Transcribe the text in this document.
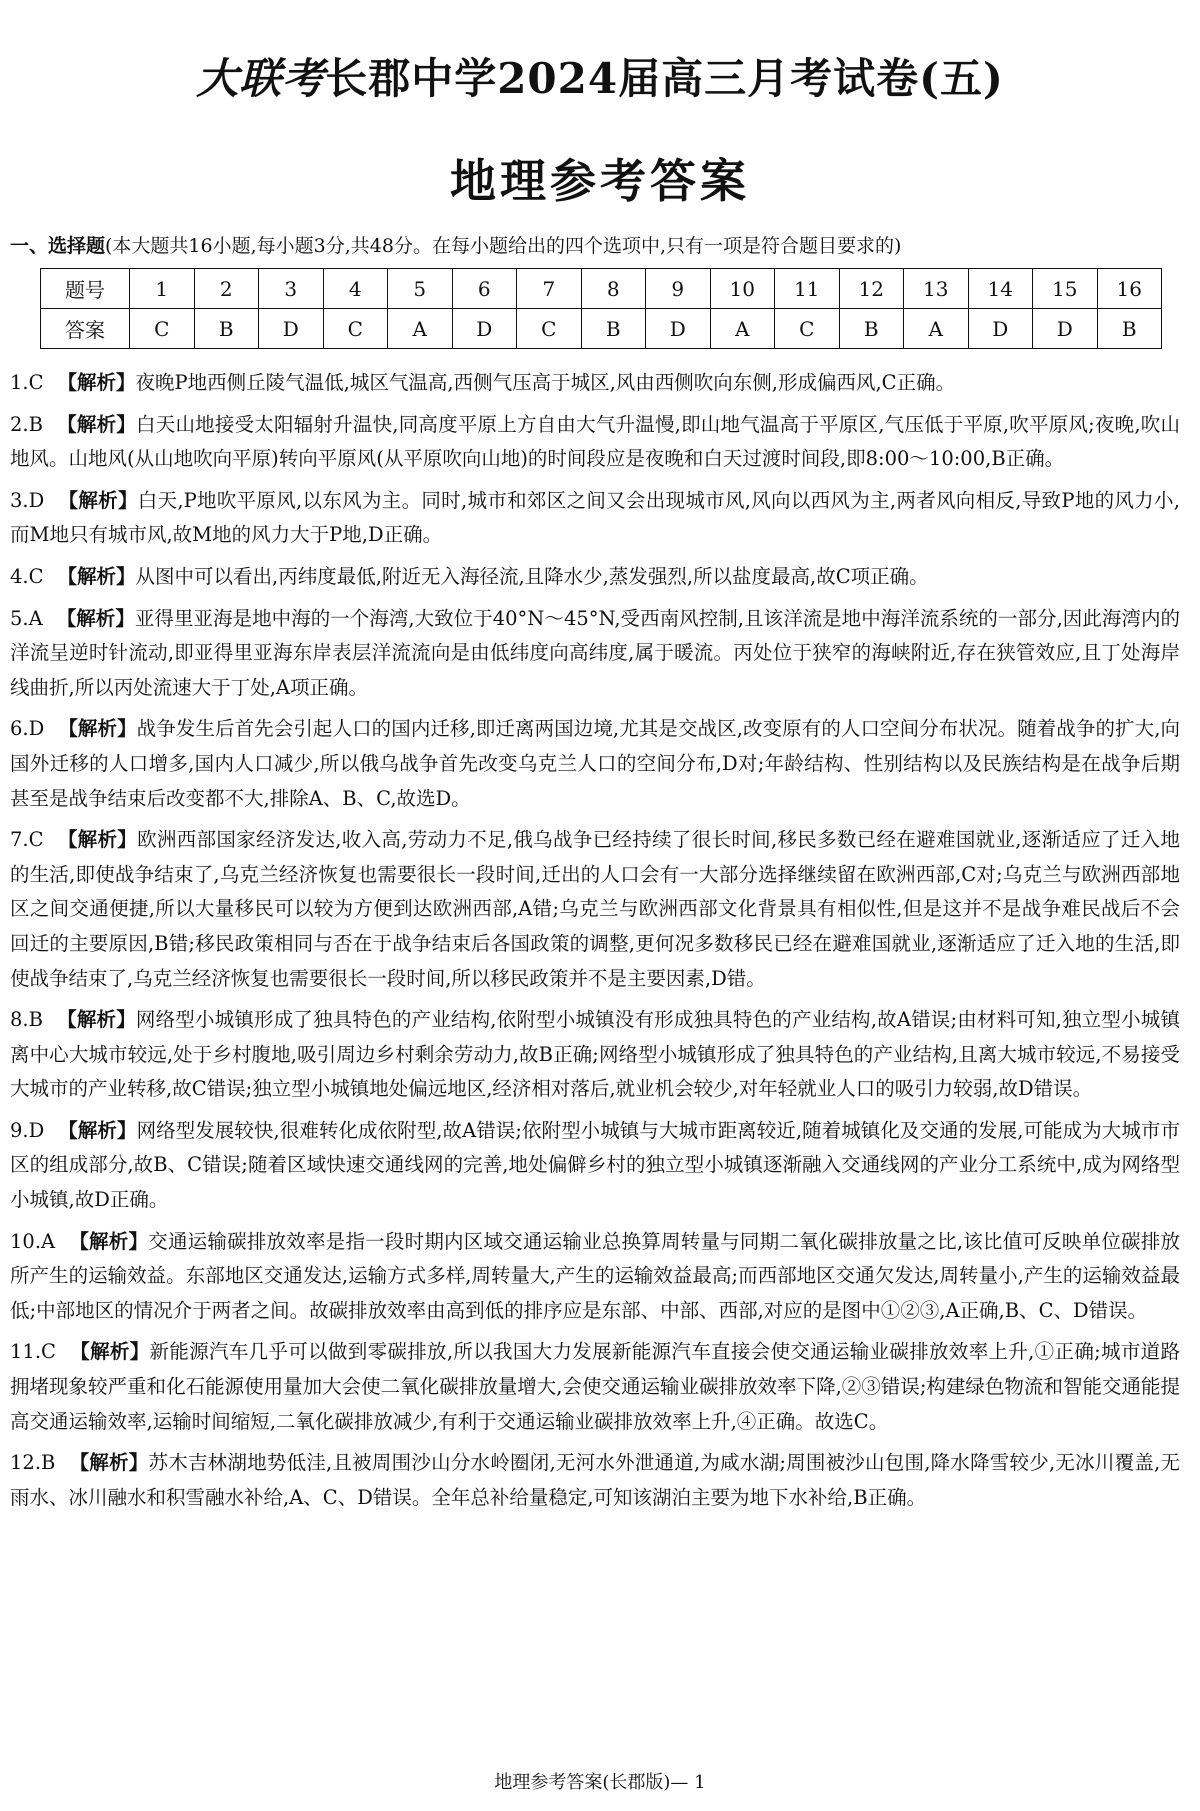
大联考长郡中学2024届高三月考试卷(五)
地理参考答案
一、选择题(本大题共16小题,每小题3分,共48分。在每小题给出的四个选项中,只有一项是符合题目要求的)
题号	1	2	3	4	5	6	7	8	9	10	11	12	13	14	15	16
答案	C	B	D	C	A	D	C	B	D	A	C	B	A	D	D	B
1.C 【解析】夜晚P地西侧丘陵气温低,城区气温高,西侧气压高于城区,风由西侧吹向东侧,形成偏西风,C正确。
2.B 【解析】白天山地接受太阳辐射升温快,同高度平原上方自由大气升温慢,即山地气温高于平原区,气压低于平原,吹平原风;夜晚,吹山地风。山地风(从山地吹向平原)转向平原风(从平原吹向山地)的时间段应是夜晚和白天过渡时间段,即8:00～10:00,B正确。
3.D 【解析】白天,P地吹平原风,以东风为主。同时,城市和郊区之间又会出现城市风,风向以西风为主,两者风向相反,导致P地的风力小,而M地只有城市风,故M地的风力大于P地,D正确。
4.C 【解析】从图中可以看出,丙纬度最低,附近无入海径流,且降水少,蒸发强烈,所以盐度最高,故C项正确。
5.A 【解析】亚得里亚海是地中海的一个海湾,大致位于40°N～45°N,受西南风控制,且该洋流是地中海洋流系统的一部分,因此海湾内的洋流呈逆时针流动,即亚得里亚海东岸表层洋流流向是由低纬度向高纬度,属于暖流。丙处位于狭窄的海峡附近,存在狭管效应,且丁处海岸线曲折,所以丙处流速大于丁处,A项正确。
6.D 【解析】战争发生后首先会引起人口的国内迁移,即迁离两国边境,尤其是交战区,改变原有的人口空间分布状况。随着战争的扩大,向国外迁移的人口增多,国内人口减少,所以俄乌战争首先改变乌克兰人口的空间分布,D对;年龄结构、性别结构以及民族结构是在战争后期甚至是战争结束后改变都不大,排除A、B、C,故选D。
7.C 【解析】欧洲西部国家经济发达,收入高,劳动力不足,俄乌战争已经持续了很长时间,移民多数已经在避难国就业,逐渐适应了迁入地的生活,即使战争结束了,乌克兰经济恢复也需要很长一段时间,迁出的人口会有一大部分选择继续留在欧洲西部,C对;乌克兰与欧洲西部地区之间交通便捷,所以大量移民可以较为方便到达欧洲西部,A错;乌克兰与欧洲西部文化背景具有相似性,但是这并不是战争难民战后不会回迁的主要原因,B错;移民政策相同与否在于战争结束后各国政策的调整,更何况多数移民已经在避难国就业,逐渐适应了迁入地的生活,即使战争结束了,乌克兰经济恢复也需要很长一段时间,所以移民政策并不是主要因素,D错。
8.B 【解析】网络型小城镇形成了独具特色的产业结构,依附型小城镇没有形成独具特色的产业结构,故A错误;由材料可知,独立型小城镇离中心大城市较远,处于乡村腹地,吸引周边乡村剩余劳动力,故B正确;网络型小城镇形成了独具特色的产业结构,且离大城市较远,不易接受大城市的产业转移,故C错误;独立型小城镇地处偏远地区,经济相对落后,就业机会较少,对年轻就业人口的吸引力较弱,故D错误。
9.D 【解析】网络型发展较快,很难转化成依附型,故A错误;依附型小城镇与大城市距离较近,随着城镇化及交通的发展,可能成为大城市市区的组成部分,故B、C错误;随着区域快速交通线网的完善,地处偏僻乡村的独立型小城镇逐渐融入交通线网的产业分工系统中,成为网络型小城镇,故D正确。
10.A 【解析】交通运输碳排放效率是指一段时期内区域交通运输业总换算周转量与同期二氧化碳排放量之比,该比值可反映单位碳排放所产生的运输效益。东部地区交通发达,运输方式多样,周转量大,产生的运输效益最高;而西部地区交通欠发达,周转量小,产生的运输效益最低;中部地区的情况介于两者之间。故碳排放效率由高到低的排序应是东部、中部、西部,对应的是图中①②③,A正确,B、C、D错误。
11.C 【解析】新能源汽车几乎可以做到零碳排放,所以我国大力发展新能源汽车直接会使交通运输业碳排放效率上升,①正确;城市道路拥堵现象较严重和化石能源使用量加大会使二氧化碳排放量增大,会使交通运输业碳排放效率下降,②③错误;构建绿色物流和智能交通能提高交通运输效率,运输时间缩短,二氧化碳排放减少,有利于交通运输业碳排放效率上升,④正确。故选C。
12.B 【解析】苏木吉林湖地势低洼,且被周围沙山分水岭圈闭,无河水外泄通道,为咸水湖;周围被沙山包围,降水降雪较少,无冰川覆盖,无雨水、冰川融水和积雪融水补给,A、C、D错误。全年总补给量稳定,可知该湖泊主要为地下水补给,B正确。
地理参考答案(长郡版)— 1
